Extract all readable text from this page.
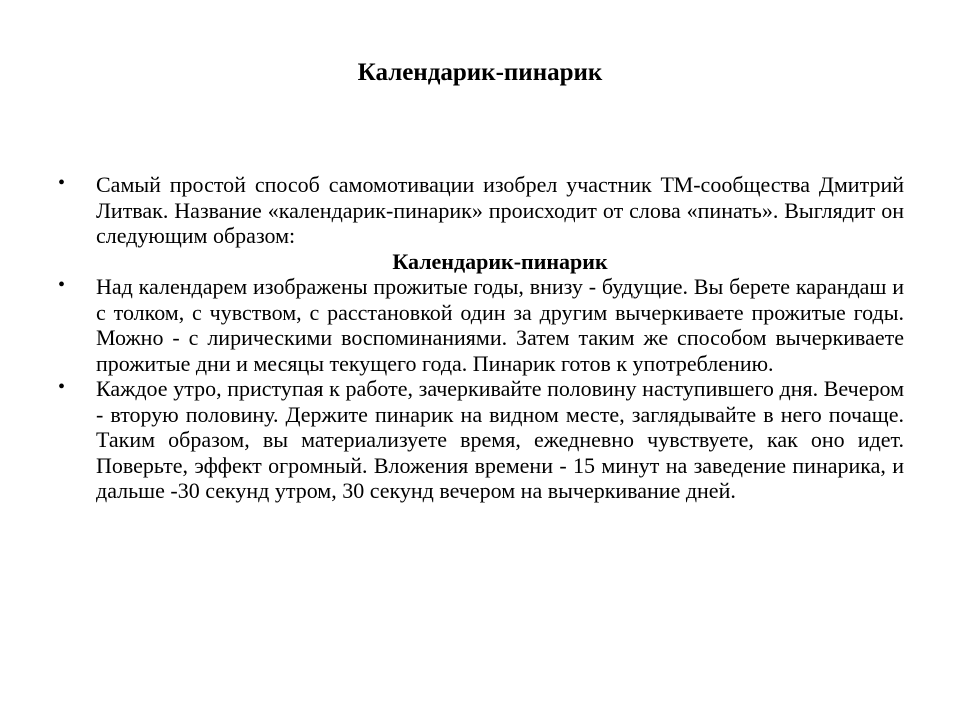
Календарик-пинарик
•	Самый простой способ самомотивации изобрел участник ТМ-сообщества Дмитрий Литвак. Название «календарик-пинарик» происходит от слова «пинать». Выглядит он следующим образом:
Календарик-пинарик
•	Над календарем изображены прожитые годы, внизу - будущие. Вы берете карандаш и с толком, с чувством, с расстановкой один за другим вычеркиваете прожитые годы. Можно - с лирическими воспоминаниями. Затем таким же способом вычеркиваете прожитые дни и месяцы текущего года. Пинарик готов к употреблению.
•	Каждое утро, приступая к работе, зачеркивайте половину наступившего дня. Вечером - вторую половину. Держите пинарик на видном месте, заглядывайте в него почаще. Таким образом, вы материализуете время, ежедневно чувствуете, как оно идет. Поверьте, эффект огромный. Вложения времени - 15 минут на заведение пинарика, и дальше -30 секунд утром, 30 секунд вечером на вычеркивание дней.
